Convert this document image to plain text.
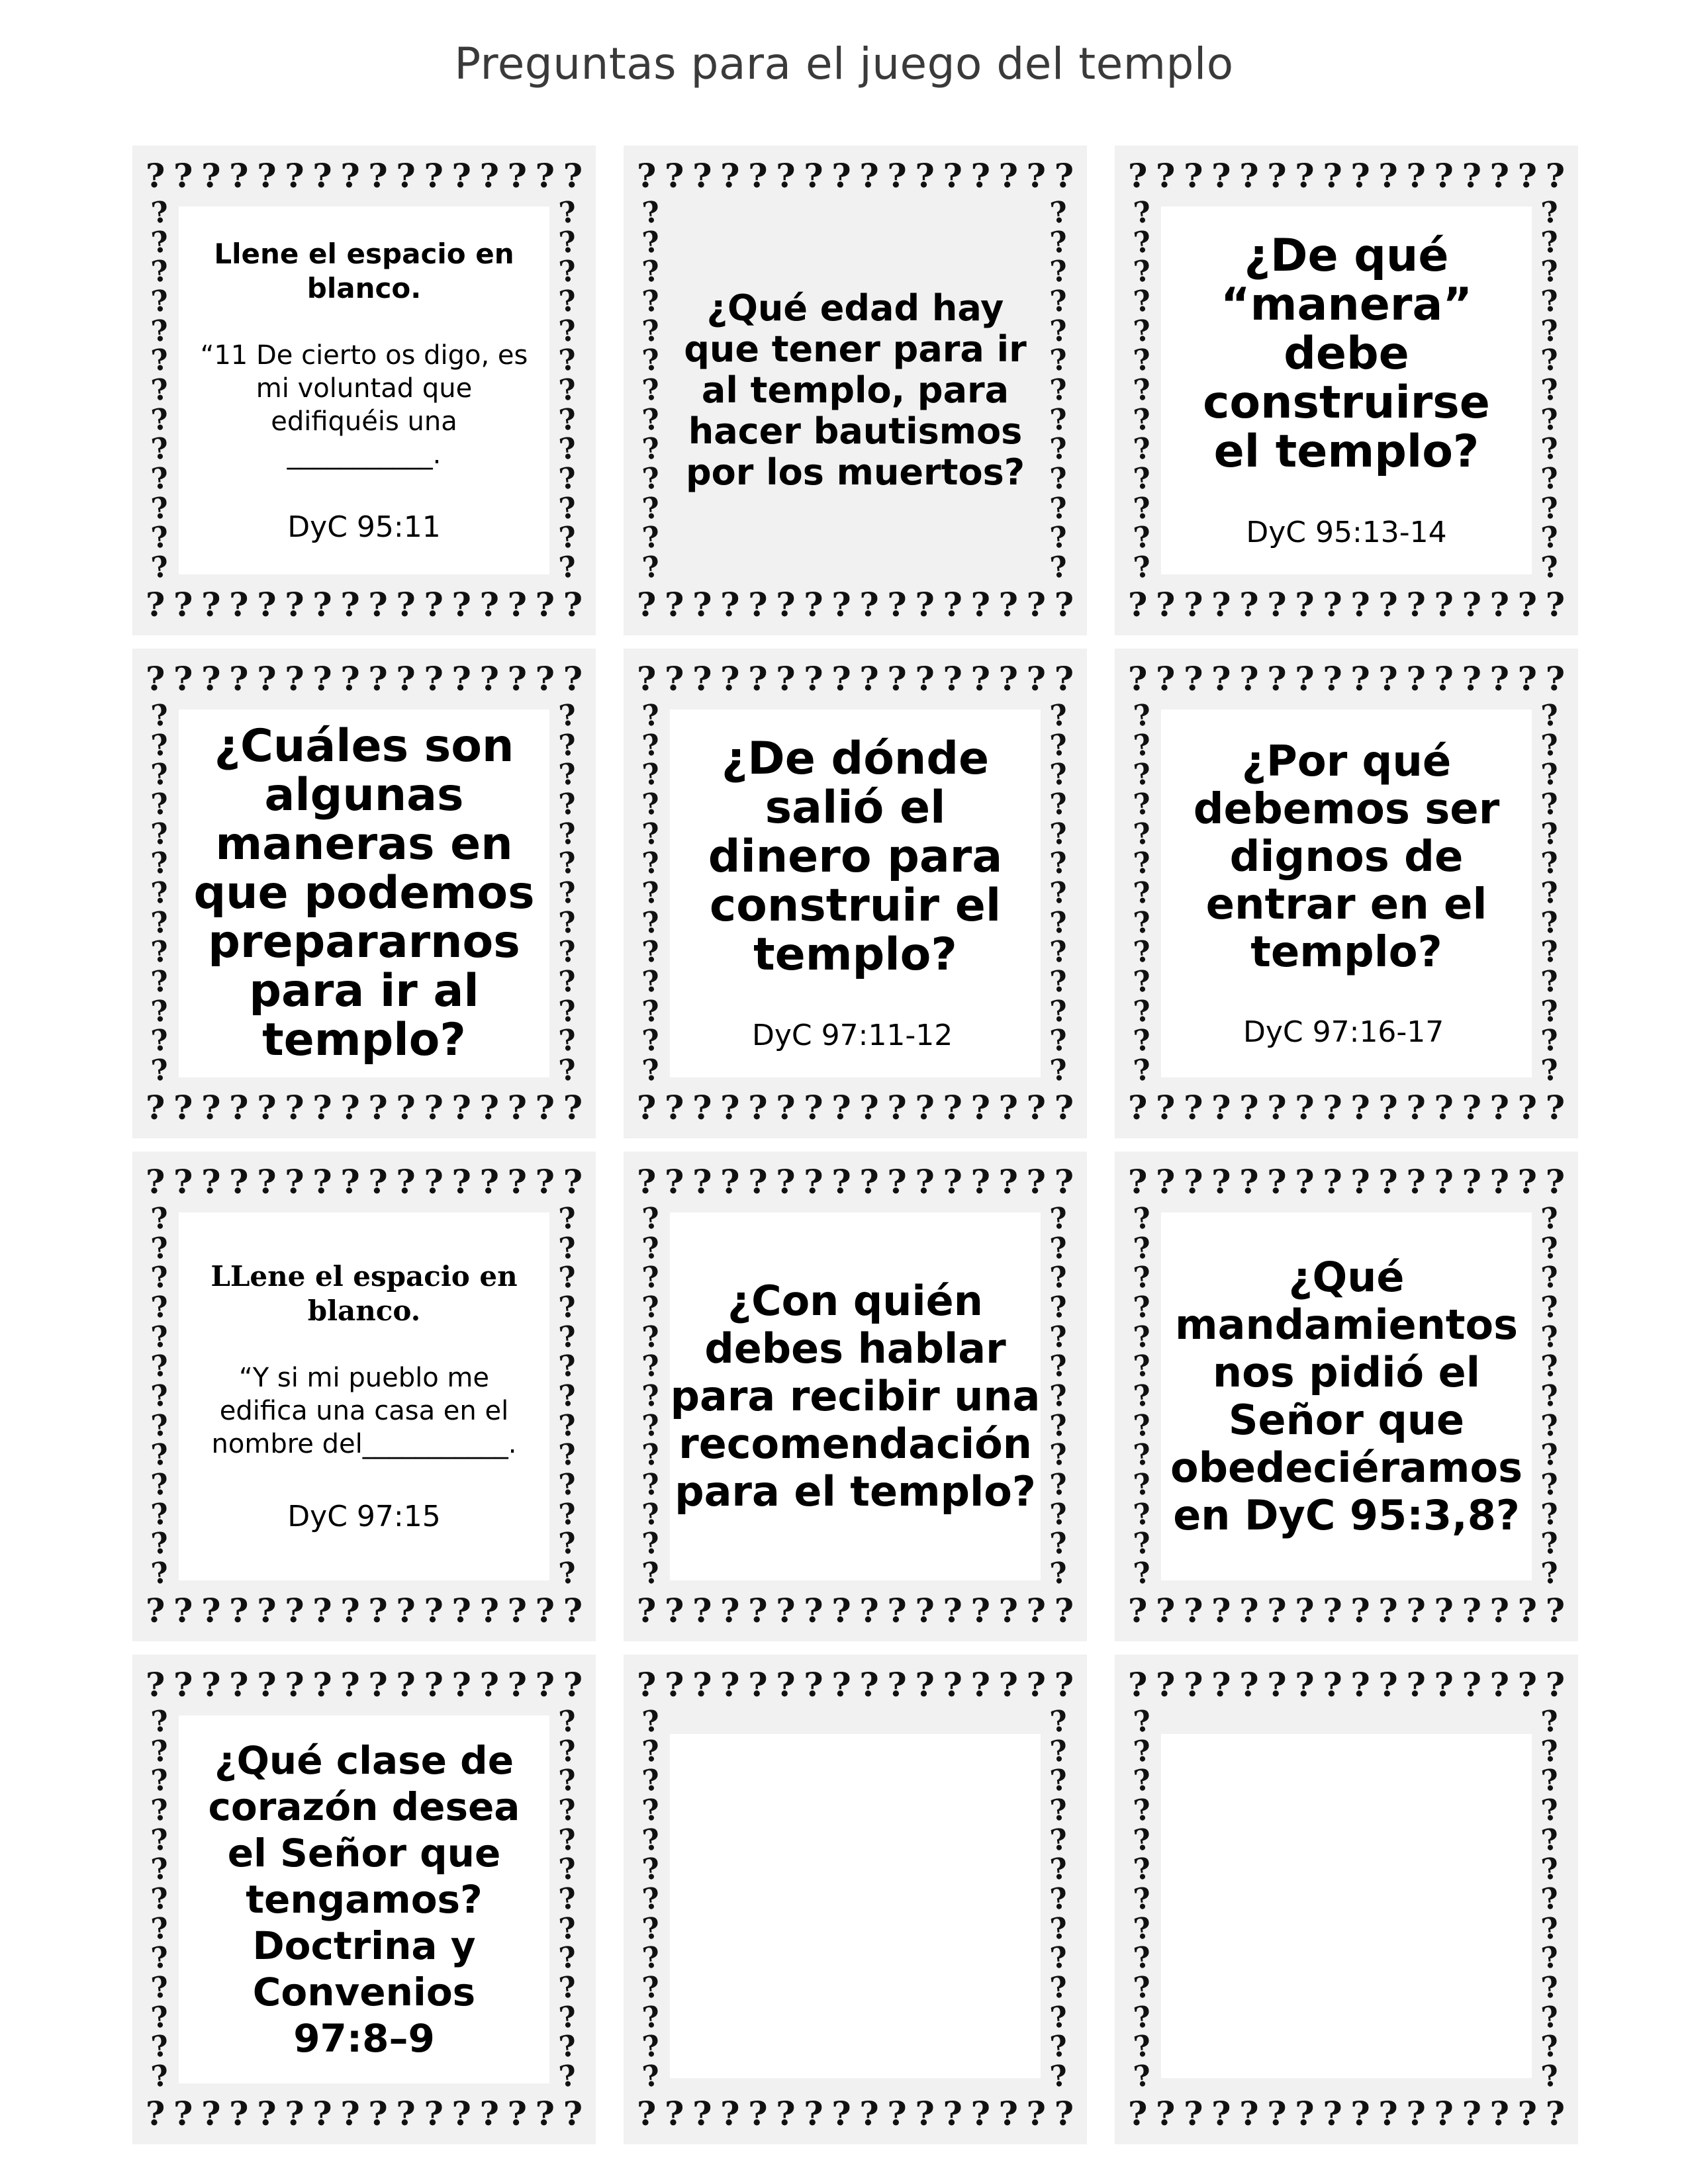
Preguntas para el juego del templo
? ? ? ? ? ? ? ? ? ? ? ? ? ? ? ?
? ? ? ? ? ? ? ? ? ? ? ? ? ? ? ?
?
?
?
?
?
?
?
?
?
?
?
?
?
?
?
?
?
?
?
?
?
?
?
?
?
?
Llene el espacio en blanco.
“11 De cierto os digo, es
mi voluntad que
edifiquéis una
___________.
DyC 95:11
? ? ? ? ? ? ? ? ? ? ? ? ? ? ? ?
? ? ? ? ? ? ? ? ? ? ? ? ? ? ? ?
?
?
?
?
?
?
?
?
?
?
?
?
?
?
?
?
?
?
?
?
?
?
?
?
?
?
¿Qué edad hay que tener para ir al templo, para hacer bautismos por los muertos?
? ? ? ? ? ? ? ? ? ? ? ? ? ? ? ?
? ? ? ? ? ? ? ? ? ? ? ? ? ? ? ?
?
?
?
?
?
?
?
?
?
?
?
?
?
?
?
?
?
?
?
?
?
?
?
?
?
?
¿De qué “manera” debe construirse el templo?
DyC 95:13-14
? ? ? ? ? ? ? ? ? ? ? ? ? ? ? ?
? ? ? ? ? ? ? ? ? ? ? ? ? ? ? ?
?
?
?
?
?
?
?
?
?
?
?
?
?
?
?
?
?
?
?
?
?
?
?
?
?
?
¿Cuáles son algunas maneras en que podemos prepararnos para ir al templo?
? ? ? ? ? ? ? ? ? ? ? ? ? ? ? ?
? ? ? ? ? ? ? ? ? ? ? ? ? ? ? ?
?
?
?
?
?
?
?
?
?
?
?
?
?
?
?
?
?
?
?
?
?
?
?
?
?
?
¿De dónde salió el dinero para construir el templo?
DyC 97:11-12
? ? ? ? ? ? ? ? ? ? ? ? ? ? ? ?
? ? ? ? ? ? ? ? ? ? ? ? ? ? ? ?
?
?
?
?
?
?
?
?
?
?
?
?
?
?
?
?
?
?
?
?
?
?
?
?
?
?
¿Por qué debemos ser dignos de entrar en el templo?
DyC 97:16-17
? ? ? ? ? ? ? ? ? ? ? ? ? ? ? ?
? ? ? ? ? ? ? ? ? ? ? ? ? ? ? ?
?
?
?
?
?
?
?
?
?
?
?
?
?
?
?
?
?
?
?
?
?
?
?
?
?
?
LLene el espacio en blanco.
“Y si mi pueblo me
edifica una casa en el
nombre del___________.
DyC 97:15
? ? ? ? ? ? ? ? ? ? ? ? ? ? ? ?
? ? ? ? ? ? ? ? ? ? ? ? ? ? ? ?
?
?
?
?
?
?
?
?
?
?
?
?
?
?
?
?
?
?
?
?
?
?
?
?
?
?
¿Con quién debes hablar para recibir una recomendación para el templo?
? ? ? ? ? ? ? ? ? ? ? ? ? ? ? ?
? ? ? ? ? ? ? ? ? ? ? ? ? ? ? ?
?
?
?
?
?
?
?
?
?
?
?
?
?
?
?
?
?
?
?
?
?
?
?
?
?
?
¿Qué mandamientos nos pidió el Señor que obedeciéramos en DyC 95:3,8?
? ? ? ? ? ? ? ? ? ? ? ? ? ? ? ?
? ? ? ? ? ? ? ? ? ? ? ? ? ? ? ?
?
?
?
?
?
?
?
?
?
?
?
?
?
?
?
?
?
?
?
?
?
?
?
?
?
?
¿Qué clase de corazón desea el Señor que tengamos? Doctrina y Convenios 97:8–9
? ? ? ? ? ? ? ? ? ? ? ? ? ? ? ?
? ? ? ? ? ? ? ? ? ? ? ? ? ? ? ?
?
?
?
?
?
?
?
?
?
?
?
?
?
?
?
?
?
?
?
?
?
?
?
?
?
?
? ? ? ? ? ? ? ? ? ? ? ? ? ? ? ?
? ? ? ? ? ? ? ? ? ? ? ? ? ? ? ?
?
?
?
?
?
?
?
?
?
?
?
?
?
?
?
?
?
?
?
?
?
?
?
?
?
?
